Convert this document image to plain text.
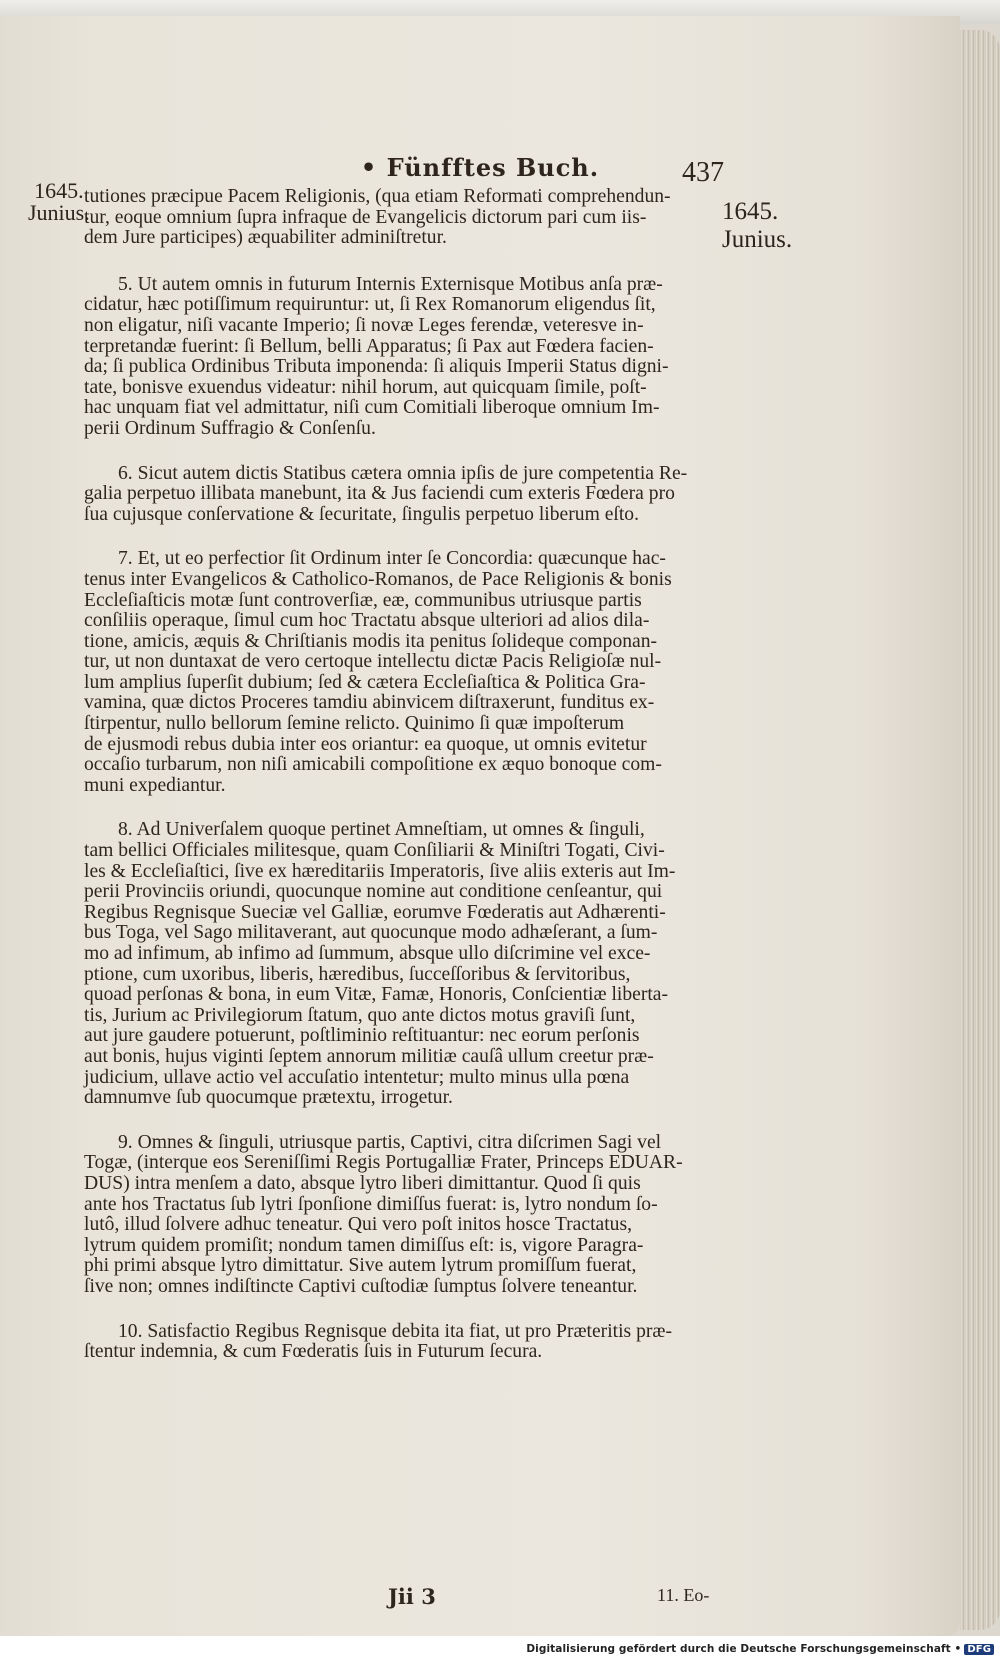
• Fünfftes Buch.	437
1645.
Junius.	1645.
Junius.
tutiones præcipue Pacem Religionis, (qua etiam Reformati comprehendun-
tur, eoque omnium ſupra infraque de Evangelicis dictorum pari cum iis-
dem Jure participes) æquabiliter adminiſtretur.
5. Ut autem omnis in futurum Internis Externisque Motibus anſa præ-
cidatur, hæc potiſſimum requiruntur: ut, ſi Rex Romanorum eligendus ſit,
non eligatur, niſi vacante Imperio; ſi novæ Leges ferendæ, veteresve in-
terpretandæ fuerint: ſi Bellum, belli Apparatus; ſi Pax aut Fœdera facien-
da; ſi publica Ordinibus Tributa imponenda: ſi aliquis Imperii Status digni-
tate, bonisve exuendus videatur: nihil horum, aut quicquam ſimile, poſt-
hac unquam fiat vel admittatur, niſi cum Comitiali liberoque omnium Im-
perii Ordinum Suffragio & Conſenſu.
6. Sicut autem dictis Statibus cætera omnia ipſis de jure competentia Re-
galia perpetuo illibata manebunt, ita & Jus faciendi cum exteris Fœdera pro
ſua cujusque conſervatione & ſecuritate, ſingulis perpetuo liberum eſto.
7. Et, ut eo perfectior ſit Ordinum inter ſe Concordia: quæcunque hac-
tenus inter Evangelicos & Catholico-Romanos, de Pace Religionis & bonis
Eccleſiaſticis motæ ſunt controverſiæ, eæ, communibus utriusque partis
conſiliis operaque, ſimul cum hoc Tractatu absque ulteriori ad alios dila-
tione, amicis, æquis & Chriſtianis modis ita penitus ſolideque componan-
tur, ut non duntaxat de vero certoque intellectu dictæ Pacis Religioſæ nul-
lum amplius ſuperſit dubium; ſed & cætera Eccleſiaſtica & Politica Gra-
vamina, quæ dictos Proceres tamdiu abinvicem diſtraxerunt, funditus ex-
ſtirpentur, nullo bellorum ſemine relicto. Quinimo ſi quæ impoſterum
de ejusmodi rebus dubia inter eos oriantur: ea quoque, ut omnis evitetur
occaſio turbarum, non niſi amicabili compoſitione ex æquo bonoque com-
muni expediantur.
8. Ad Univerſalem quoque pertinet Amneſtiam, ut omnes & ſinguli,
tam bellici Officiales militesque, quam Conſiliarii & Miniſtri Togati, Civi-
les & Eccleſiaſtici, ſive ex hæreditariis Imperatoris, ſive aliis exteris aut Im-
perii Provinciis oriundi, quocunque nomine aut conditione cenſeantur, qui
Regibus Regnisque Sueciæ vel Galliæ, eorumve Fœderatis aut Adhærenti-
bus Toga, vel Sago militaverant, aut quocunque modo adhæſerant, a ſum-
mo ad infimum, ab infimo ad ſummum, absque ullo diſcrimine vel exce-
ptione, cum uxoribus, liberis, hæredibus, ſucceſſoribus & ſervitoribus,
quoad perſonas & bona, in eum Vitæ, Famæ, Honoris, Conſcientiæ liberta-
tis, Jurium ac Privilegiorum ſtatum, quo ante dictos motus graviſi ſunt,
aut jure gaudere potuerunt, poſtliminio reſtituantur: nec eorum perſonis
aut bonis, hujus viginti ſeptem annorum militiæ cauſâ ullum creetur præ-
judicium, ullave actio vel accuſatio intentetur; multo minus ulla pœna
damnumve ſub quocumque prætextu, irrogetur.
9. Omnes & ſinguli, utriusque partis, Captivi, citra diſcrimen Sagi vel
Togæ, (interque eos Sereniſſimi Regis Portugalliæ Frater, Princeps EDUAR-
DUS) intra menſem a dato, absque lytro liberi dimittantur. Quod ſi quis
ante hos Tractatus ſub lytri ſponſione dimiſſus fuerat: is, lytro nondum ſo-
lutô, illud ſolvere adhuc teneatur. Qui vero poſt initos hosce Tractatus,
lytrum quidem promiſit; nondum tamen dimiſſus eſt: is, vigore Paragra-
phi primi absque lytro dimittatur. Sive autem lytrum promiſſum fuerat,
ſive non; omnes indiſtincte Captivi cuſtodiæ ſumptus ſolvere teneantur.
10. Satisfactio Regibus Regnisque debita ita fiat, ut pro Præteritis præ-
ſtentur indemnia, & cum Fœderatis ſuis in Futurum ſecura.
Jii 3	11. Eo-
Digitalisierung gefördert durch die Deutsche Forschungsgemeinschaft • DFG
